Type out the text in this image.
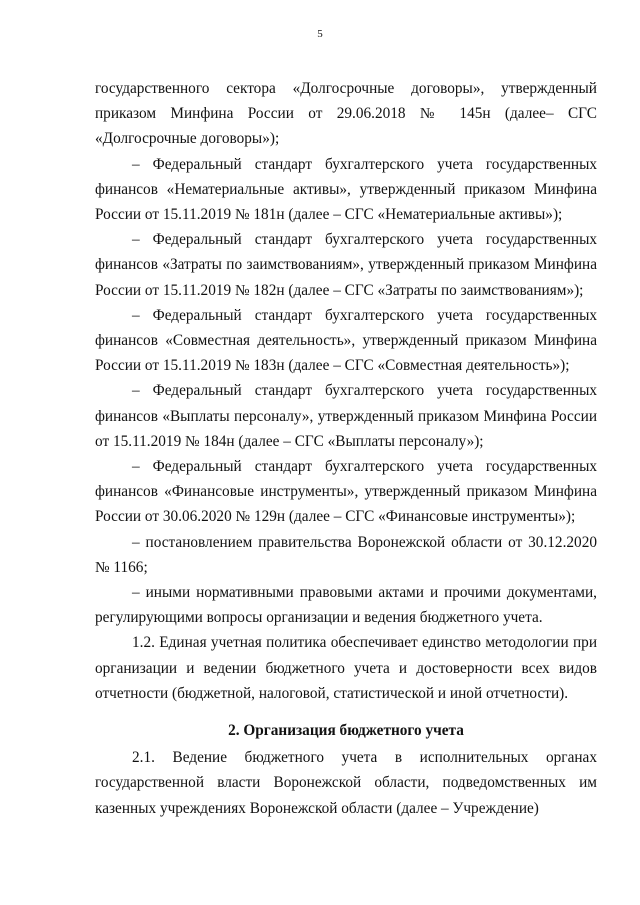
5

государственного сектора «Долгосрочные договоры», утвержденный приказом Минфина России от 29.06.2018 № 145н (далее– СГС «Долгосрочные договоры»);

– Федеральный стандарт бухгалтерского учета государственных финансов «Нематериальные активы», утвержденный приказом Минфина России от 15.11.2019 № 181н (далее – СГС «Нематериальные активы»);

– Федеральный стандарт бухгалтерского учета государственных финансов «Затраты по заимствованиям», утвержденный приказом Минфина России от 15.11.2019 № 182н (далее – СГС «Затраты по заимствованиям»);

– Федеральный стандарт бухгалтерского учета государственных финансов «Совместная деятельность», утвержденный приказом Минфина России от 15.11.2019 № 183н (далее – СГС «Совместная деятельность»);

– Федеральный стандарт бухгалтерского учета государственных финансов «Выплаты персоналу», утвержденный приказом Минфина России от 15.11.2019 № 184н (далее – СГС «Выплаты персоналу»);

– Федеральный стандарт бухгалтерского учета государственных финансов «Финансовые инструменты», утвержденный приказом Минфина России от 30.06.2020 № 129н (далее – СГС «Финансовые инструменты»);

– постановлением правительства Воронежской области от 30.12.2020 № 1166;

– иными нормативными правовыми актами и прочими документами, регулирующими вопросы организации и ведения бюджетного учета.

1.2. Единая учетная политика обеспечивает единство методологии при организации и ведении бюджетного учета и достоверности всех видов отчетности (бюджетной, налоговой, статистической и иной отчетности).

2. Организация бюджетного учета

2.1. Ведение бюджетного учета в исполнительных органах государственной власти Воронежской области, подведомственных им казенных учреждениях Воронежской области (далее – Учреждение)
